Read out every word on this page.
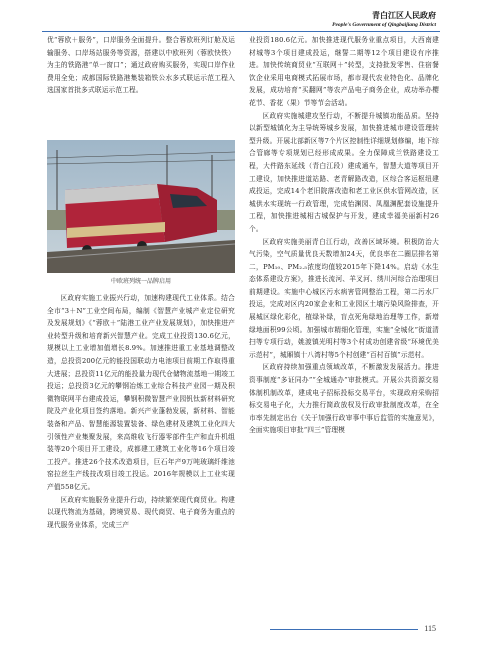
青白江区人民政府
People's Government of Qingbaijiang District

优“蓉欧＋服务”，口岸服务全面提升。整合蓉欧班列订舱及运输服务、口岸场站服务等资源，搭建以中欧班列（蓉欧快铁）为主的铁路港“单一窗口”；通过政府购买服务，实现口岸作业费用全免；成都国际铁路港集装箱铁公水多式联运示范工程入选国家首批多式联运示范工程。

中欧班列统一品牌启用

区政府实施工业振兴行动，加速构建现代工业体系。结合全市“3＋N”工业空间布局，编制《智慧产业城产业定位研究及发展规划》《“蓉欧＋”陆港工业产业发展规划》，加快推进产业转型升级和培育新兴智慧产业。完成工业投资130.6亿元，规模以上工业增加值增长8.9%。加速推进重工业基地调整改造，总投资200亿元的能投国联动力电池项目前期工作取得重大进展；总投资11亿元的能投量力现代仓储物流基地一期竣工投运；总投资3亿元的攀钢冶炼工业综合科技产业园一期及积微物联网平台建成投运，攀钢积微智慧产业园钒钛新材料研究院及产业化项目签约落地。新兴产业蓬勃发展，新材料、智能装备和产品、智慧能源装置装备、绿色建材及建筑工业化四大引领性产业集聚发展，来高维收飞行器零部件生产和直升机组装等20个项目开工建设，成都建工建筑工业化等16个项目竣工投产。推进26个技术改造项目，巨石年产9万吨玻璃纤维池窑拉丝生产线技改项目竣工投运。2016年规模以上工业实现产值558亿元。

区政府实施服务业提升行动，持续繁荣现代商贸业。构建以现代物流为基础，跨境贸易、现代商贸、电子商务为重点的现代服务业体系，完成三产

业投资180.6亿元。加快推进现代服务业重点项目，大西南建材城等3个项目建成投运，继誓二期等12个项目建设有序推进。加快传统商贸业“互联网＋”转型，支持批发零售、住宿餐饮企业采用电商模式拓展市场，都市现代农业特色化、品牌化发展，成功培育“买翻网”等农产品电子商务企业，成功举办樱花节、香花（果）节等节会活动。

区政府实施城建攻坚行动，不断提升城镇功能品质。坚持以新型城镇化为主导统筹城乡发展，加快推进城市建设管理转型升级。开展北部新区等7个片区控制性详细规划修编，地下综合管廊等专项规划已经形成成果。全力保障成兰铁路建设工程，大件路东延线（青白江段）建成通车，智慧大道等项目开工建设，加快推进道站路、老青解路改造，区综合客运枢纽建成投运，完成14个老旧院落改造和老工业区供水管网改造，区城供水实现统一行政管理，完成怡渊园、凤凰渊配套设施提升工程，加快推进城相古城保护与开发，建成幸福美丽新村26个。

区政府实施美丽青白江行动，改善区域环境。积极防治大气污染，空气质量优良天数增加24天，优良率在二圈层排名第二，PM₁₀、PM₂.₅浓度均值较2015年下降14%。启动《水生态体系建设方案》，推进长流河、羊叉河、绣川河综合治理项目前期建设。实施中心城区污水病害管网整治工程，第二污水厂投运，完成对区内20家企业和工业园区土壤污染风险排查，开展城区绿化彩化，植绿补绿，盲点死角绿地治理等工作，新增绿地面积99公顷。加强城市精细化管理，实施“全城化”街道清扫等专项行动，姚渡镇光明村等3个村成功创建省级“环境优美示范村”，城厢镇十八湾村等5个村创建“百村百镇”示范村。

区政府持续加强重点领域改革，不断激发发展活力。推进资事制度“多证同办”“全城通办”审批模式。开展公共资源交易体制机制改革，建成电子招标投标交易平台，实现政府采购招标交易电子化，大力推行简政放权及行政审批制度改革，在全市率先制定出台《关于加强行政审事中事后监管的实施意见》，全面实施项目审批“四三”管理模

115
